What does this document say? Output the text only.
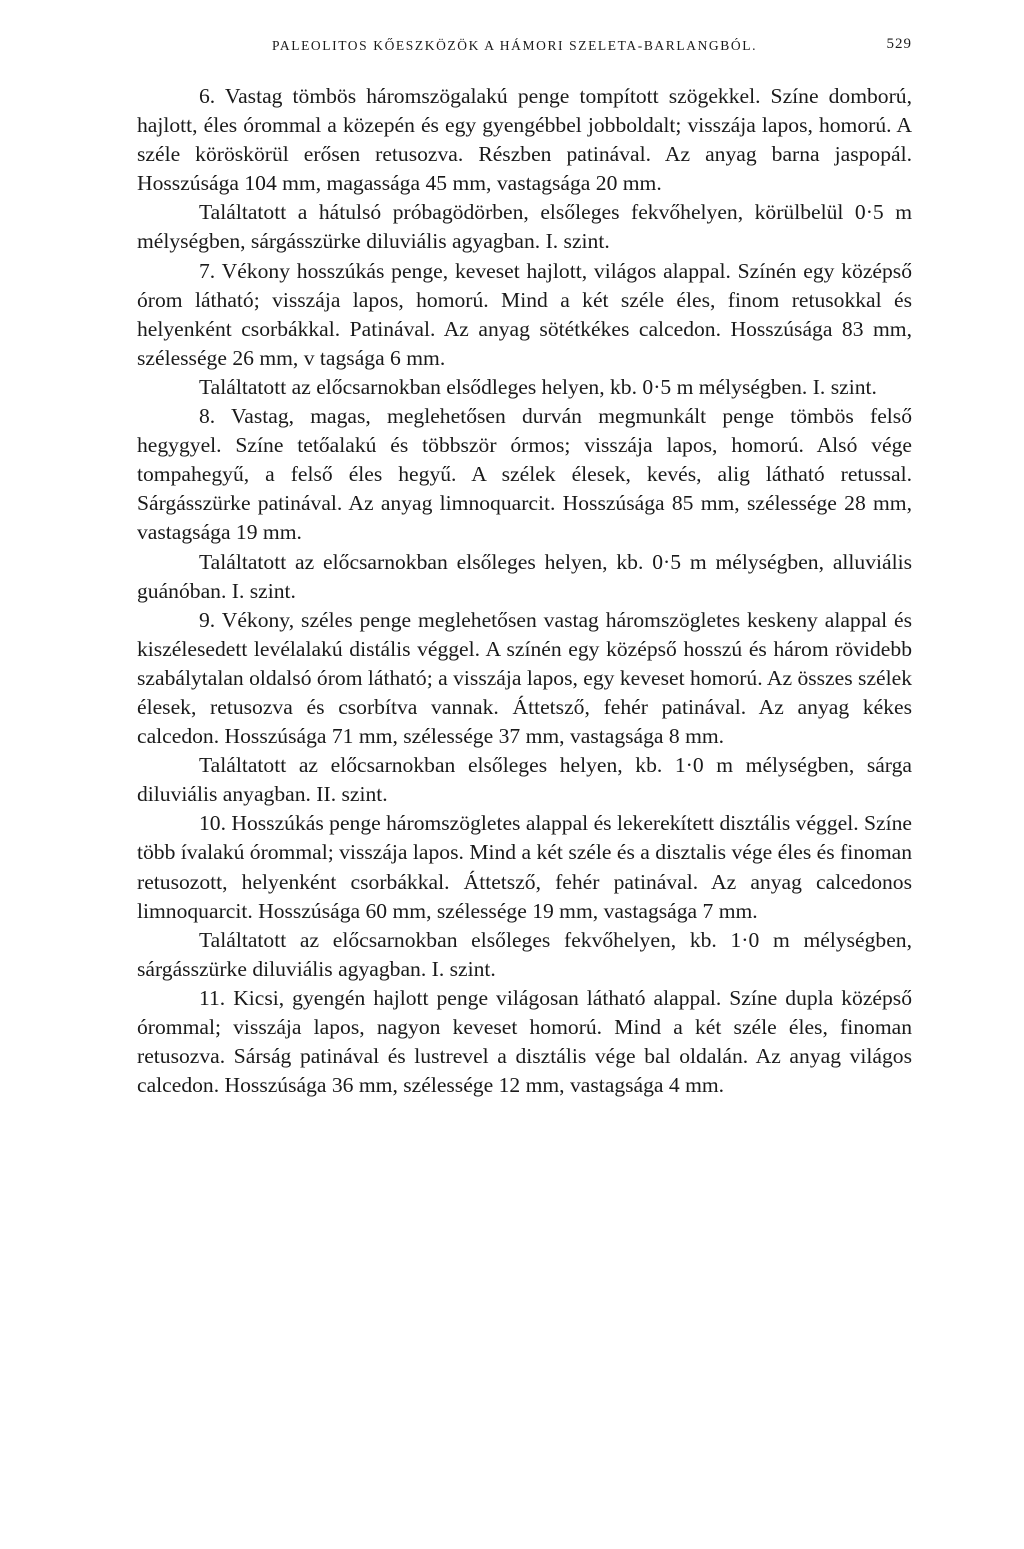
PALEOLITOS KŐESZKÖZÖK A HÁMORI SZELETA-BARLANGBÓL.	529

6. Vastag tömbös háromszögalakú penge tompított szögekkel. Színe domború, hajlott, éles órommal a közepén és egy gyengébbel jobboldalt; visszája lapos, homorú. A széle köröskörül erősen retusozva. Részben patinával. Az anyag barna jaspopál. Hosszúsága 104 mm, magassága 45 mm, vastagsága 20 mm.

Találtatott a hátulsó próbagödörben, elsőleges fekvőhelyen, körülbelül 0·5 m mélységben, sárgásszürke diluviális agyagban. I. szint.

7. Vékony hosszúkás penge, keveset hajlott, világos alappal. Színén egy középső órom látható; visszája lapos, homorú. Mind a két széle éles, finom retusokkal és helyenként csorbákkal. Patinával. Az anyag sötétkékes calcedon. Hosszúsága 83 mm, szélessége 26 mm, v tagsága 6 mm.

Találtatott az előcsarnokban elsődleges helyen, kb. 0·5 m mélységben. I. szint.

8. Vastag, magas, meglehetősen durván megmunkált penge tömbös felső hegygyel. Színe tetőalakú és többször órmos; visszája lapos, homorú. Alsó vége tompahegyű, a felső éles hegyű. A szélek élesek, kevés, alig látható retussal. Sárgásszürke patinával. Az anyag limnoquarcit. Hosszúsága 85 mm, szélessége 28 mm, vastagsága 19 mm.

Találtatott az előcsarnokban elsőleges helyen, kb. 0·5 m mélységben, alluviális guánóban. I. szint.

9. Vékony, széles penge meglehetősen vastag háromszögletes keskeny alappal és kiszélesedett levélalakú distális véggel. A színén egy középső hosszú és három rövidebb szabálytalan oldalsó órom látható; a visszája lapos, egy keveset homorú. Az összes szélek élesek, retusozva és csorbítva vannak. Áttetsző, fehér patinával. Az anyag kékes calcedon. Hosszúsága 71 mm, szélessége 37 mm, vastagsága 8 mm.

Találtatott az előcsarnokban elsőleges helyen, kb. 1·0 m mélységben, sárga diluviális anyagban. II. szint.

10. Hosszúkás penge háromszögletes alappal és lekerekített disztális véggel. Színe több ívalakú órommal; visszája lapos. Mind a két széle és a disztalis vége éles és finoman retusozott, helyenként csorbákkal. Áttetsző, fehér patinával. Az anyag calcedonos limnoquarcit. Hosszúsága 60 mm, szélessége 19 mm, vastagsága 7 mm.

Találtatott az előcsarnokban elsőleges fekvőhelyen, kb. 1·0 m mélységben, sárgásszürke diluviális agyagban. I. szint.

11. Kicsi, gyengén hajlott penge világosan látható alappal. Színe dupla középső órommal; visszája lapos, nagyon keveset homorú. Mind a két széle éles, finoman retusozva. Sárság patinával és lustrevel a disztális vége bal oldalán. Az anyag világos calcedon. Hosszúsága 36 mm, szélessége 12 mm, vastagsága 4 mm.
